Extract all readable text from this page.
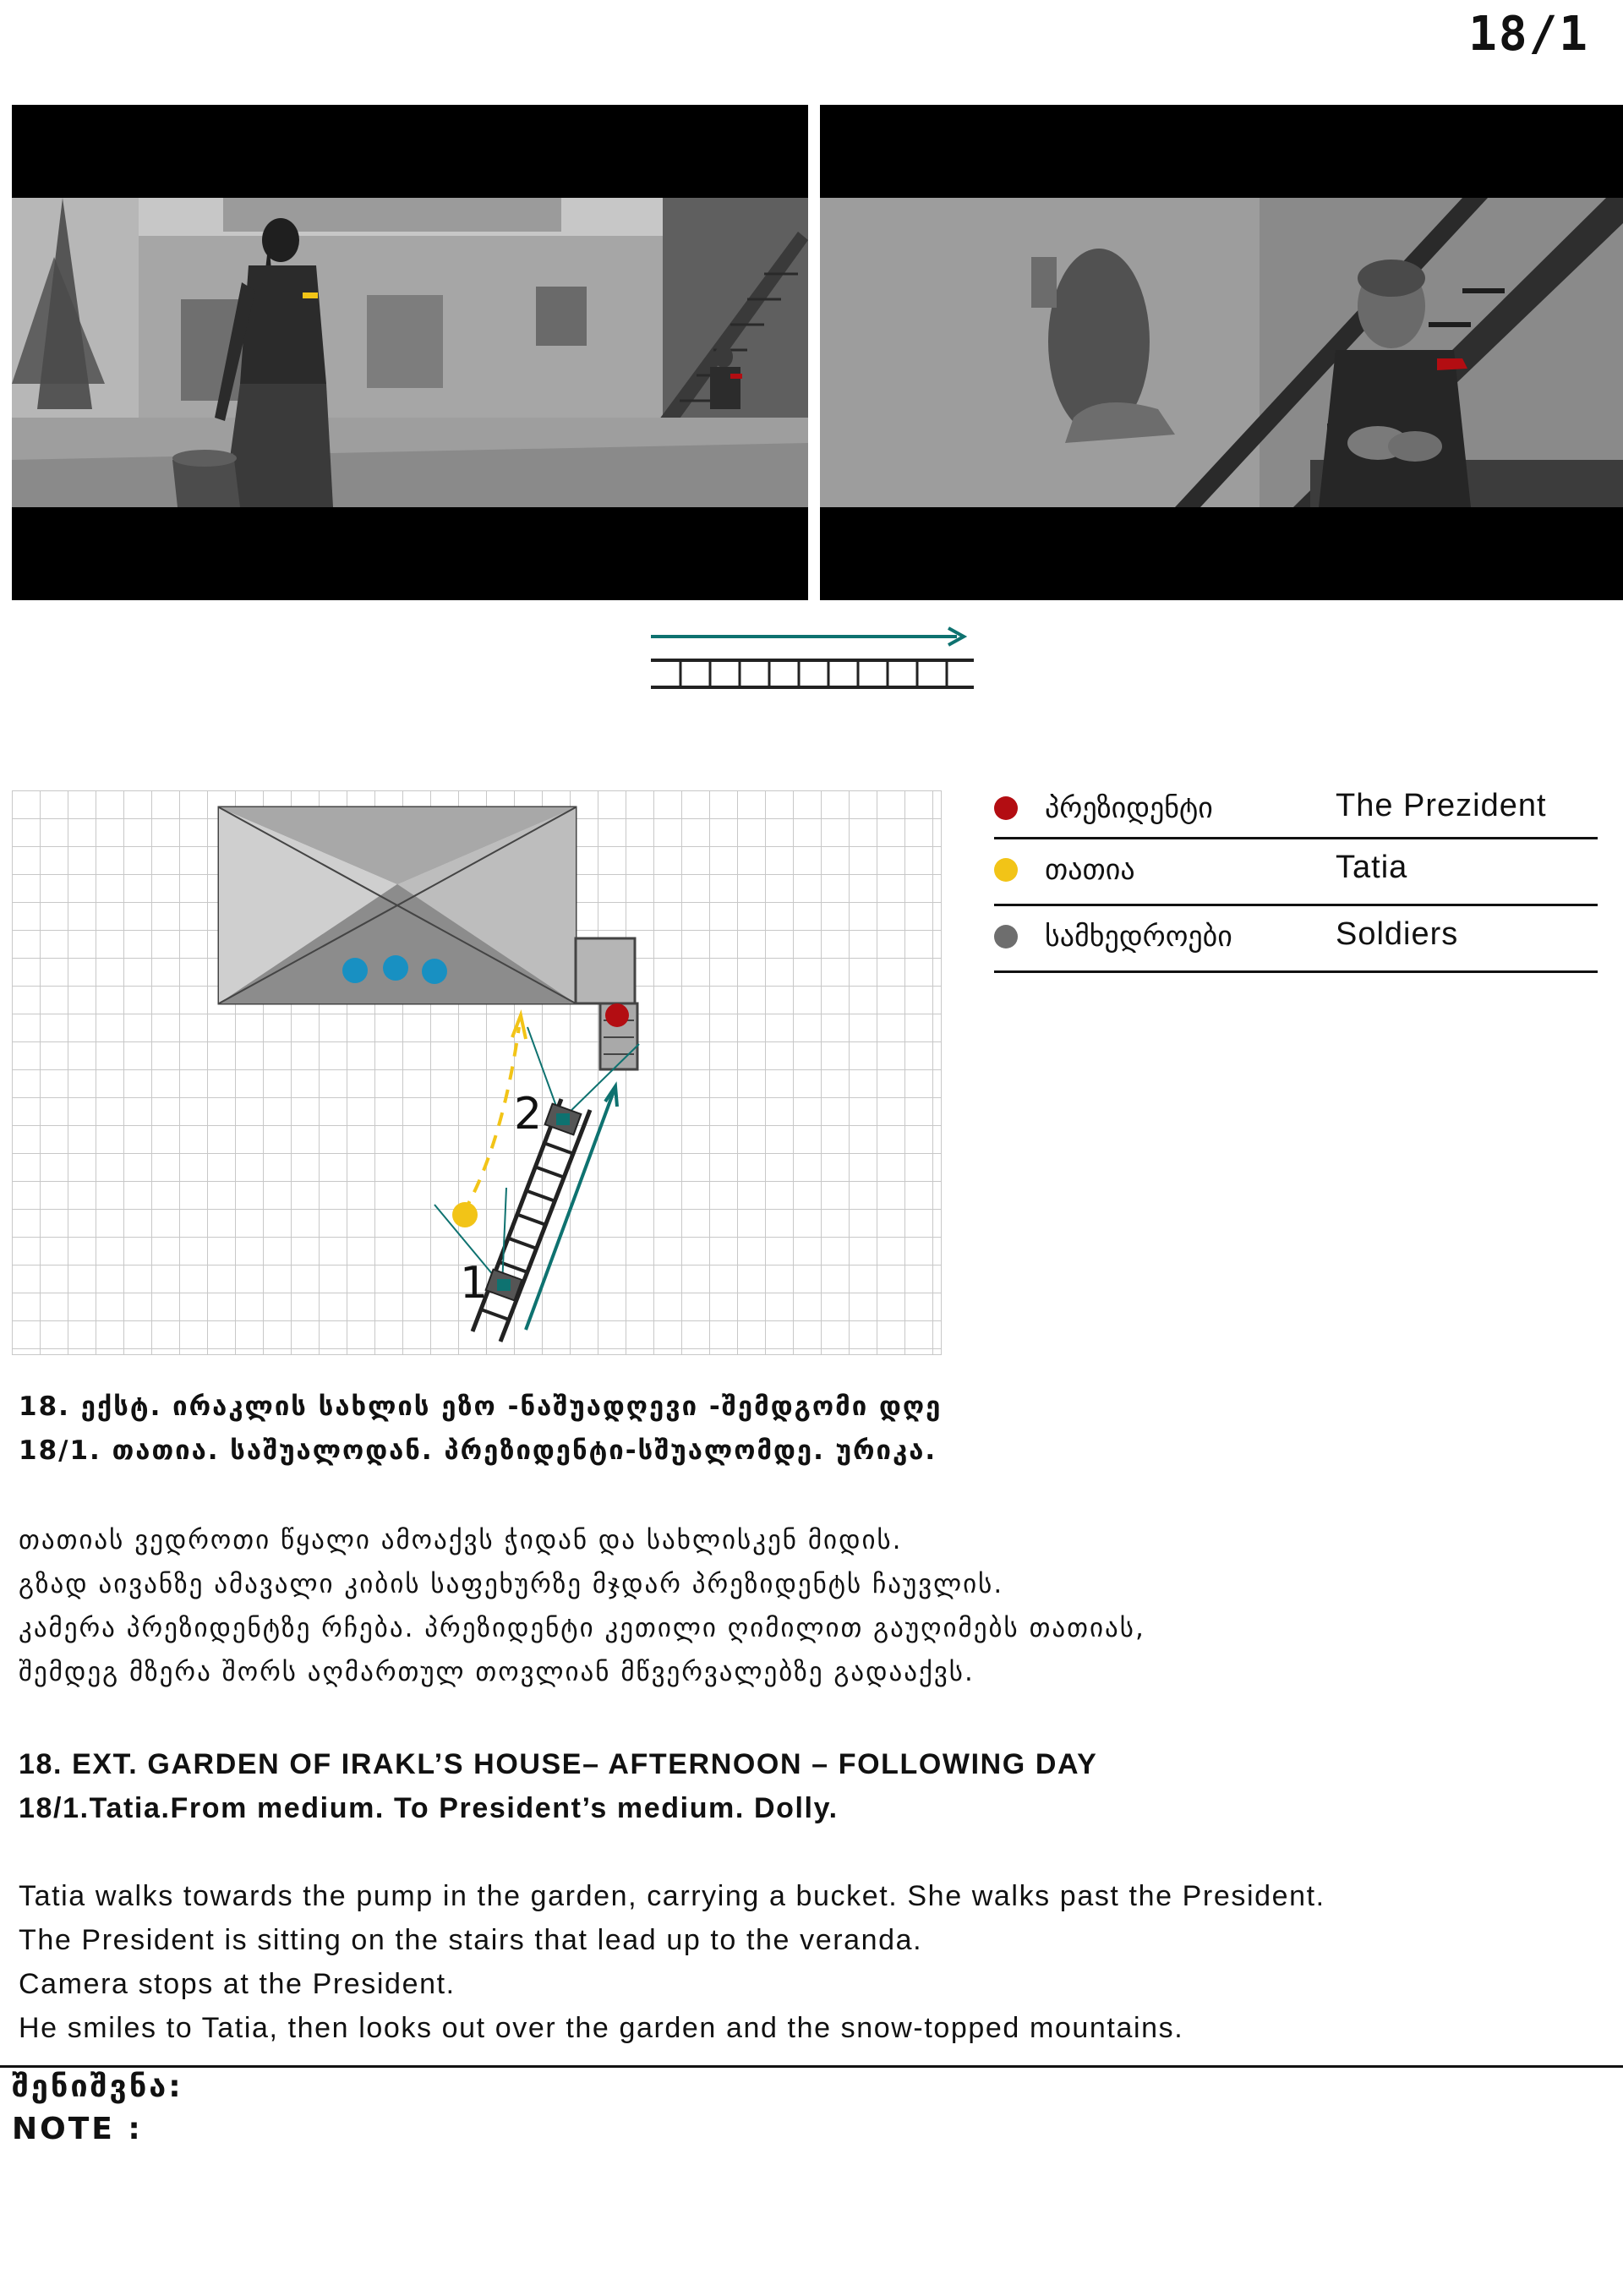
18/1
1
2
პრეზიდენტი	The Prezident
თათია	Tatia
სამხედროები	Soldiers
18. ექსტ. ირაკლის სახლის ეზო -ნაშუადღევი -შემდგომი დღე
18/1. თათია. საშუალოდან. პრეზიდენტი-სშუალომდე. ურიკა.
თათიას ვედროთი წყალი ამოაქვს ჭიდან და სახლისკენ მიდის.
გზად აივანზე ამავალი კიბის საფეხურზე მჯდარ პრეზიდენტს ჩაუვლის.
კამერა პრეზიდენტზე რჩება. პრეზიდენტი კეთილი ღიმილით გაუღიმებს თათიას,
შემდეგ მზერა შორს აღმართულ თოვლიან მწვერვალებზე გადააქვს.
18. EXT. GARDEN OF IRAKL’S HOUSE– AFTERNOON – FOLLOWING DAY
18/1.Tatia.From medium. To President’s medium. Dolly.
Tatia walks towards the pump in the garden, carrying a bucket. She walks past the President.
The President is sitting on the stairs that lead up to the veranda.
Camera stops at the President.
He smiles to Tatia, then looks out over the garden and the snow-topped mountains.
შენიშვნა:
NOTE :
